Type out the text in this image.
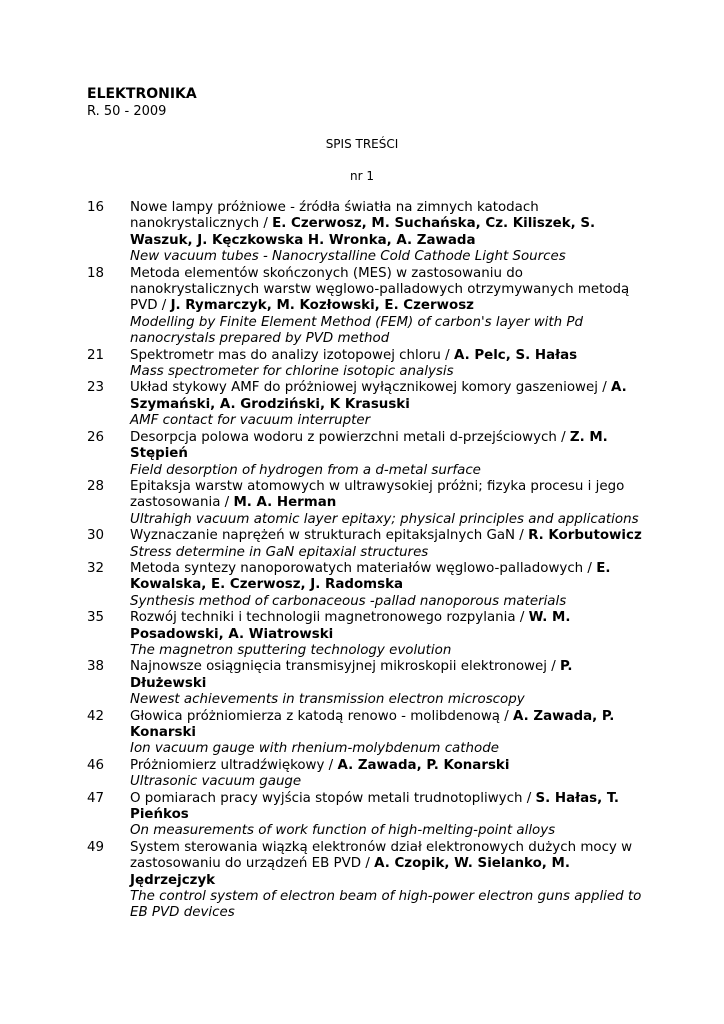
ELEKTRONIKA
R. 50 - 2009
SPIS TREŚCI
nr 1
16 Nowe lampy próżniowe - źródła światła na zimnych katodach nanokrystalicznych / E. Czerwosz, M. Suchańska, Cz. Kiliszek, S. Waszuk, J. Kęczkowska H. Wronka, A. Zawada
New vacuum tubes - Nanocrystalline Cold Cathode Light Sources
18 Metoda elementów skończonych (MES) w zastosowaniu do nanokrystalicznych warstw węglowo-palladowych otrzymywanych metodą PVD / J. Rymarczyk, M. Kozłowski, E. Czerwosz
Modelling by Finite Element Method (FEM) of carbon's layer with Pd nanocrystals prepared by PVD method
21 Spektrometr mas do analizy izotopowej chloru / A. Pelc, S. Hałas
Mass spectrometer for chlorine isotopic analysis
23 Układ stykowy AMF do próżniowej wyłącznikowej komory gaszeniowej / A. Szymański, A. Grodziński, K Krasuski
AMF contact for vacuum interrupter
26 Desorpcja polowa wodoru z powierzchni metali d-przejściowych / Z. M. Stępień
Field desorption of hydrogen from a d-metal surface
28 Epitaksja warstw atomowych w ultrawysokiej próżni; fizyka procesu i jego zastosowania / M. A. Herman
Ultrahigh vacuum atomic layer epitaxy; physical principles and applications
30 Wyznaczanie naprężeń w strukturach epitaksjalnych GaN / R. Korbutowicz
Stress determine in GaN epitaxial structures
32 Metoda syntezy nanoporowatych materiałów węglowo-palladowych / E. Kowalska, E. Czerwosz, J. Radomska
Synthesis method of carbonaceous -pallad nanoporous materials
35 Rozwój techniki i technologii magnetronowego rozpylania / W. M. Posadowski, A. Wiatrowski
The magnetron sputtering technology evolution
38 Najnowsze osiągnięcia transmisyjnej mikroskopii elektronowej / P. Dłużewski
Newest achievements in transmission electron microscopy
42 Głowica próżniomierza z katodą renowo - molibdenową / A. Zawada, P. Konarski
Ion vacuum gauge with rhenium-molybdenum cathode
46 Próżniomierz ultradźwiękowy / A. Zawada, P. Konarski
Ultrasonic vacuum gauge
47 O pomiarach pracy wyjścia stopów metali trudnotopliwych / S. Hałas, T. Pieńkos
On measurements of work function of high-melting-point alloys
49 System sterowania wiązką elektronów dział elektronowych dużych mocy w zastosowaniu do urządzeń EB PVD / A. Czopik, W. Sielanko, M. Jędrzejczyk
The control system of electron beam of high-power electron guns applied to EB PVD devices
